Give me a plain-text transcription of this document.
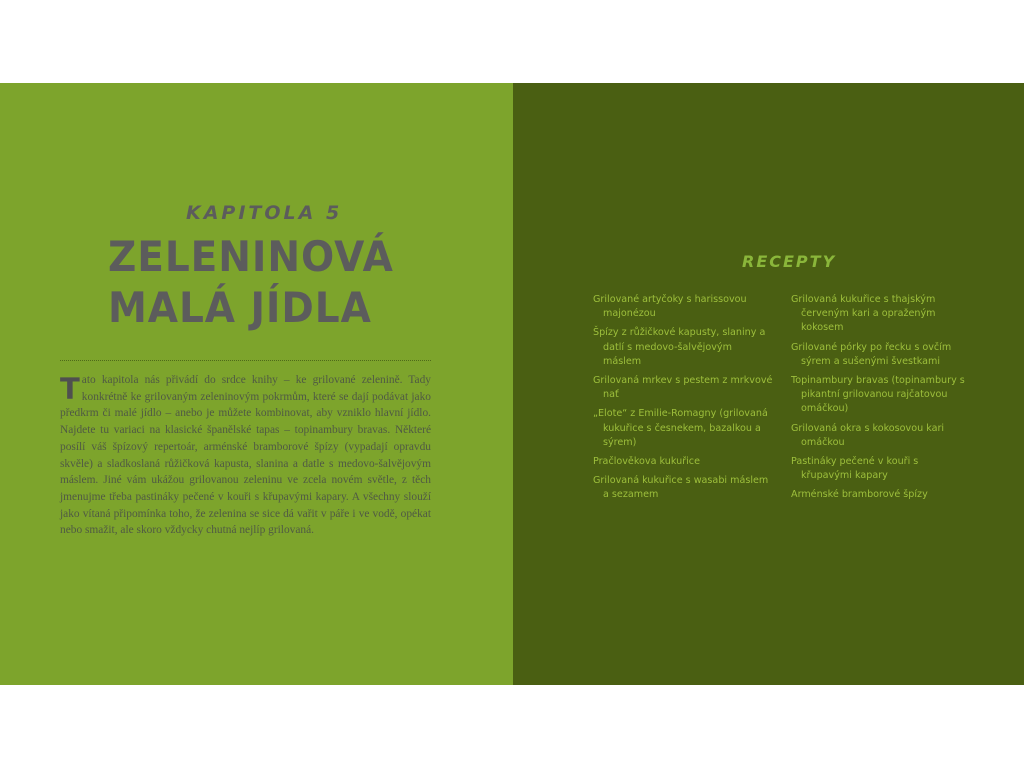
KAPITOLA 5
ZELENINOVÁ
MALÁ JÍDLA

Tato kapitola nás přivádí do srdce knihy – ke grilované zelenině. Tady konkrétně ke grilovaným zeleninovým pokrmům, které se dají podávat jako předkrm či malé jídlo – anebo je můžete kombinovat, aby vzniklo hlavní jídlo. Najdete tu variaci na klasické španělské tapas – topinambury bravas. Některé posílí váš špízový repertoár, arménské bramborové špízy (vypadají opravdu skvěle) a sladkoslaná růžičková kapusta, slanina a datle s medovo-šalvějovým máslem. Jiné vám ukážou grilovanou zeleninu ve zcela novém světle, z těch jmenujme třeba pastináky pečené v kouři s křupavými kapary. A všechny slouží jako vítaná připomínka toho, že zelenina se sice dá vařit v páře i ve vodě, opékat nebo smažit, ale skoro vždycky chutná nejlíp grilovaná.

RECEPTY
Grilované artyčoky s harissovou majonézou
Špízy z růžičkové kapusty, slaniny a datlí s medovo-šalvějovým máslem
Grilovaná mrkev s pestem z mrkvové nať
„Elote“ z Emilie-Romagny (grilovaná kukuřice s česnekem, bazalkou a sýrem)
Pračlověkova kukuřice
Grilovaná kukuřice s wasabi máslem a sezamem
Grilovaná kukuřice s thajským červeným kari a opraženým kokosem
Grilované pórky po řecku s ovčím sýrem a sušenými švestkami
Topinambury bravas (topinambury s pikantní grilovanou rajčatovou omáčkou)
Grilovaná okra s kokosovou kari omáčkou
Pastináky pečené v kouři s křupavými kapary
Arménské bramborové špízy
